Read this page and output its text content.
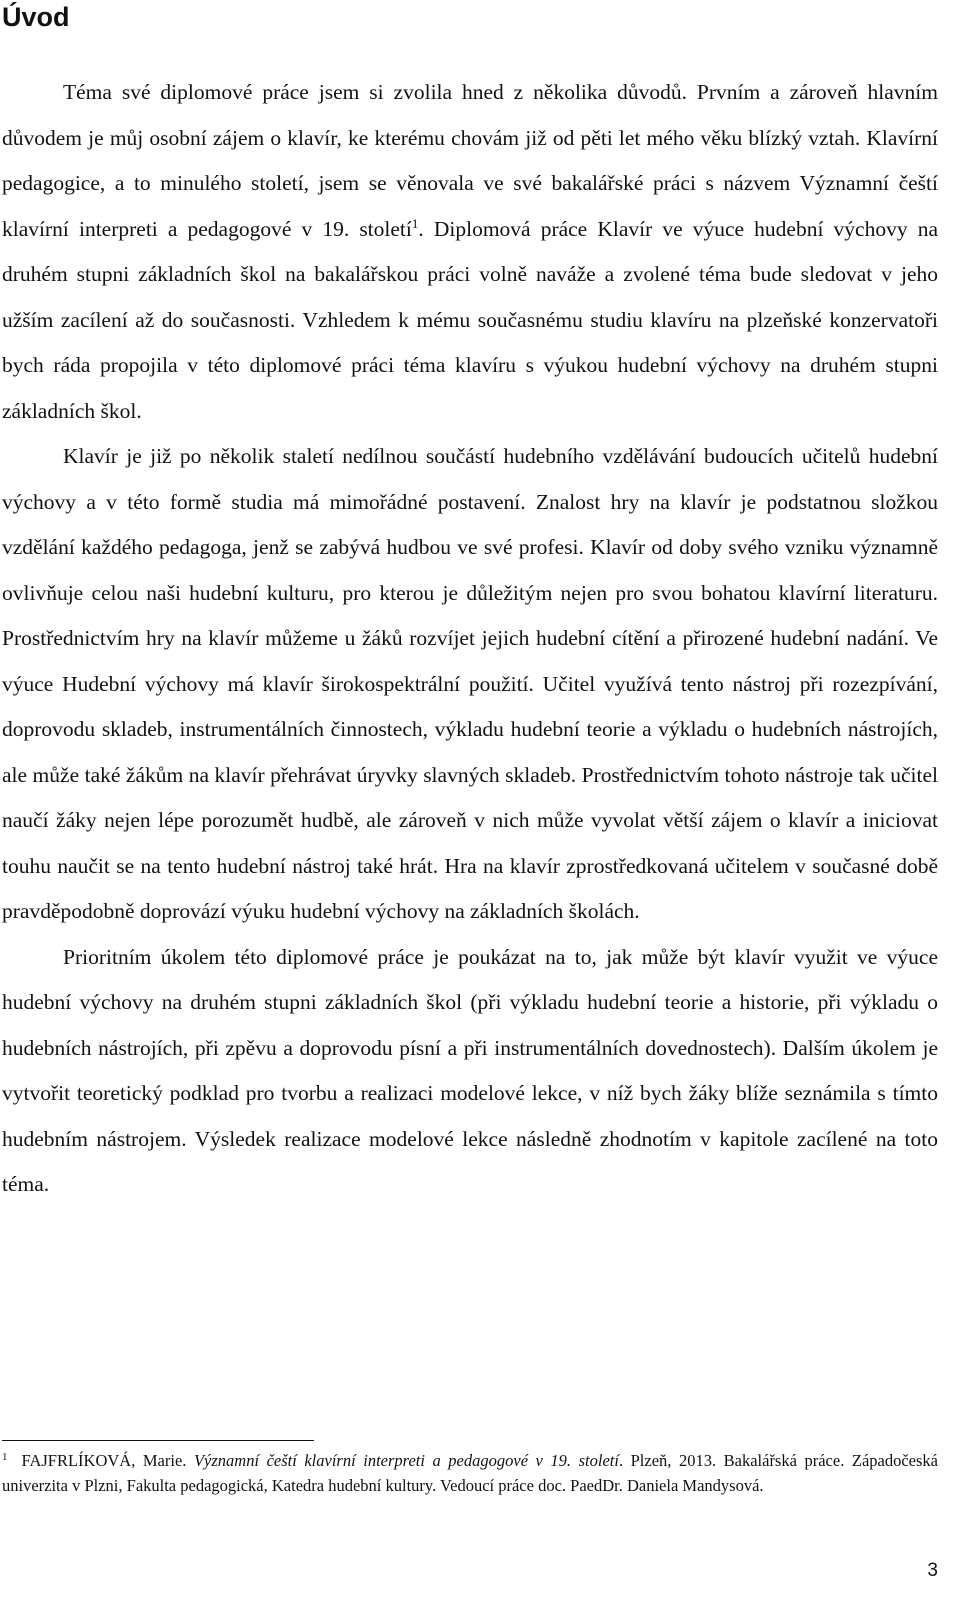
Úvod

Téma své diplomové práce jsem si zvolila hned z několika důvodů. Prvním a zároveň hlavním důvodem je můj osobní zájem o klavír, ke kterému chovám již od pěti let mého věku blízký vztah. Klavírní pedagogice, a to minulého století, jsem se věnovala ve své bakalářské práci s názvem Významní čeští klavírní interpreti a pedagogové v 19. století$^1$. Diplomová práce Klavír ve výuce hudební výchovy na druhém stupni základních škol na bakalářskou práci volně naváže a zvolené téma bude sledovat v jeho užším zacílení až do současnosti. Vzhledem k mému současnému studiu klavíru na plzeňské konzervatoři bych ráda propojila v této diplomové práci téma klavíru s výukou hudební výchovy na druhém stupni základních škol.

Klavír je již po několik staletí nedílnou součástí hudebního vzdělávání budoucích učitelů hudební výchovy a v této formě studia má mimořádné postavení. Znalost hry na klavír je podstatnou složkou vzdělání každého pedagoga, jenž se zabývá hudbou ve své profesi. Klavír od doby svého vzniku významně ovlivňuje celou naši hudební kulturu, pro kterou je důležitým nejen pro svou bohatou klavírní literaturu. Prostřednictvím hry na klavír můžeme u žáků rozvíjet jejich hudební cítění a přirozené hudební nadání. Ve výuce Hudební výchovy má klavír širokospektrální použití. Učitel využívá tento nástroj při rozezpívání, doprovodu skladeb, instrumentálních činnostech, výkladu hudební teorie a výkladu o hudebních nástrojích, ale může také žákům na klavír přehrávat úryvky slavných skladeb. Prostřednictvím tohoto nástroje tak učitel naučí žáky nejen lépe porozumět hudbě, ale zároveň v nich může vyvolat větší zájem o klavír a iniciovat touhu naučit se na tento hudební nástroj také hrát. Hra na klavír zprostředkovaná učitelem v současné době pravděpodobně doprovází výuku hudební výchovy na základních školách.

Prioritním úkolem této diplomové práce je poukázat na to, jak může být klavír využit ve výuce hudební výchovy na druhém stupni základních škol (při výkladu hudební teorie a historie, při výkladu o hudebních nástrojích, při zpěvu a doprovodu písní a při instrumentálních dovednostech). Dalším úkolem je vytvořit teoretický podklad pro tvorbu a realizaci modelové lekce, v níž bych žáky blíže seznámila s tímto hudebním nástrojem. Výsledek realizace modelové lekce následně zhodnotím v kapitole zacílené na toto téma.

$^1$ FAJFRLÍKOVÁ, Marie. Významní čeští klavírní interpreti a pedagogové v 19. století. Plzeň, 2013. Bakalářská práce. Západočeská univerzita v Plzni, Fakulta pedagogická, Katedra hudební kultury. Vedoucí práce doc. PaedDr. Daniela Mandysová.
3
